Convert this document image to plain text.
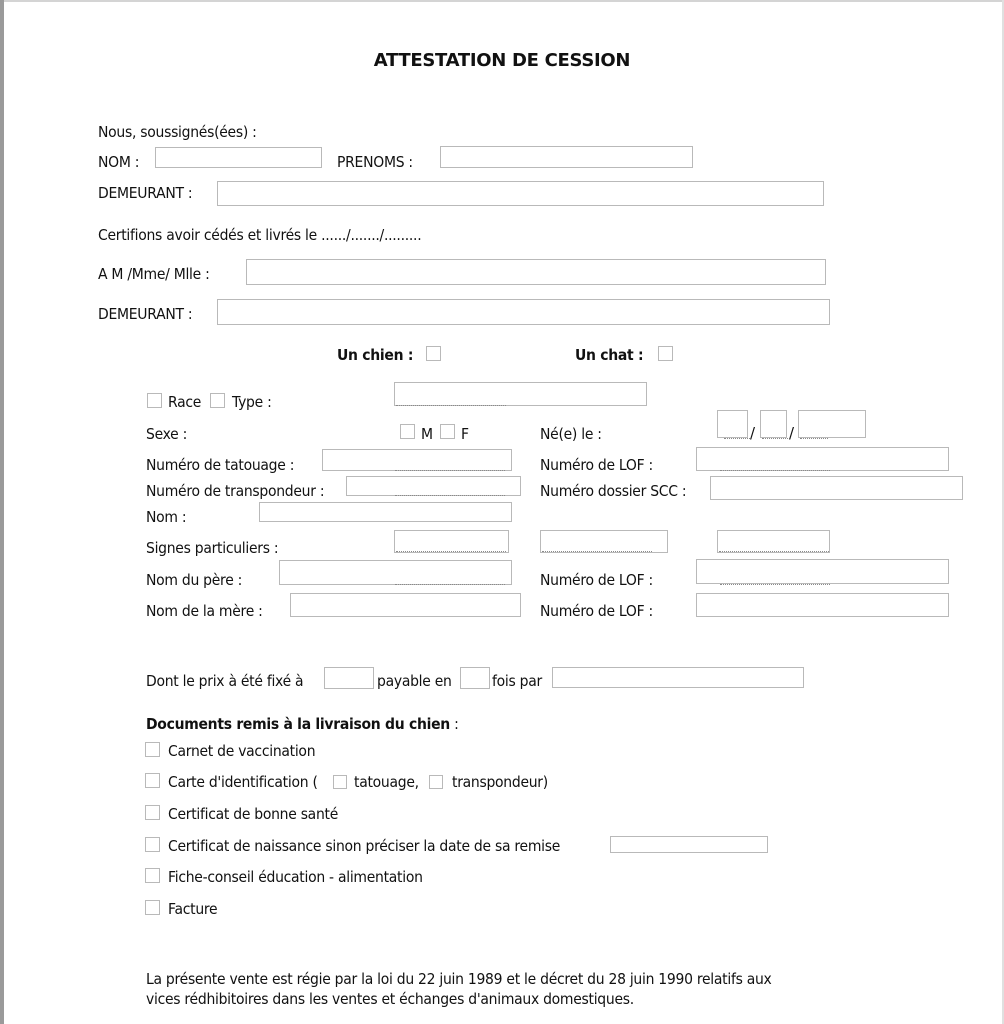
ATTESTATION DE CESSION
Nous, soussignés(ées) :
NOM :	PRENOMS :
DEMEURANT :
Certifions avoir cédés et livrés le ....../......./.........
A M /Mme/ Mlle :
DEMEURANT :
Un chien :	Un chat :
Race Type :
Sexe :	M F	Né(e) le :	/ /
Numéro de tatouage :	Numéro de LOF :
Numéro de transpondeur :	Numéro dossier SCC :
Nom :
Signes particuliers :
Nom du père :	Numéro de LOF :
Nom de la mère :	Numéro de LOF :
Dont le prix à été fixé à	payable en	fois par
Documents remis à la livraison du chien :
Carnet de vaccination
Carte d'identification ( tatouage, transpondeur)
Certificat de bonne santé
Certificat de naissance sinon préciser la date de sa remise
Fiche-conseil éducation - alimentation
Facture
La présente vente est régie par la loi du 22 juin 1989 et le décret du 28 juin 1990 relatifs aux
vices rédhibitoires dans les ventes et échanges d'animaux domestiques.
